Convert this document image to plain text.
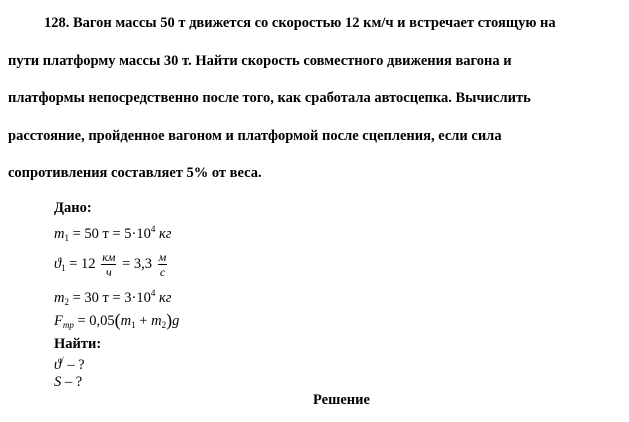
128. Вагон массы 50 т движется со скоростью 12 км/ч и встречает стоящую на
пути платформу массы 30 т. Найти скорость совместного движения вагона и
платформы непосредственно после того, как сработала автосцепка. Вычислить
расстояние, пройденное вагоном и платформой после сцепления, если сила
сопротивления составляет 5% от веса.
Дано:
$m_1 = 50$ $т = 5\cdot 10^4$ кг
$ϑ_1 = 12 \frac{км}{ч} = 3,3 \frac{м}{с}$
$m_2 = 30$ $т = 3\cdot 10^4$ кг
$F_{тр} = 0,05(m_1 + m_2)g$
Найти:
ϑ/ – ?
S – ?
Решение
